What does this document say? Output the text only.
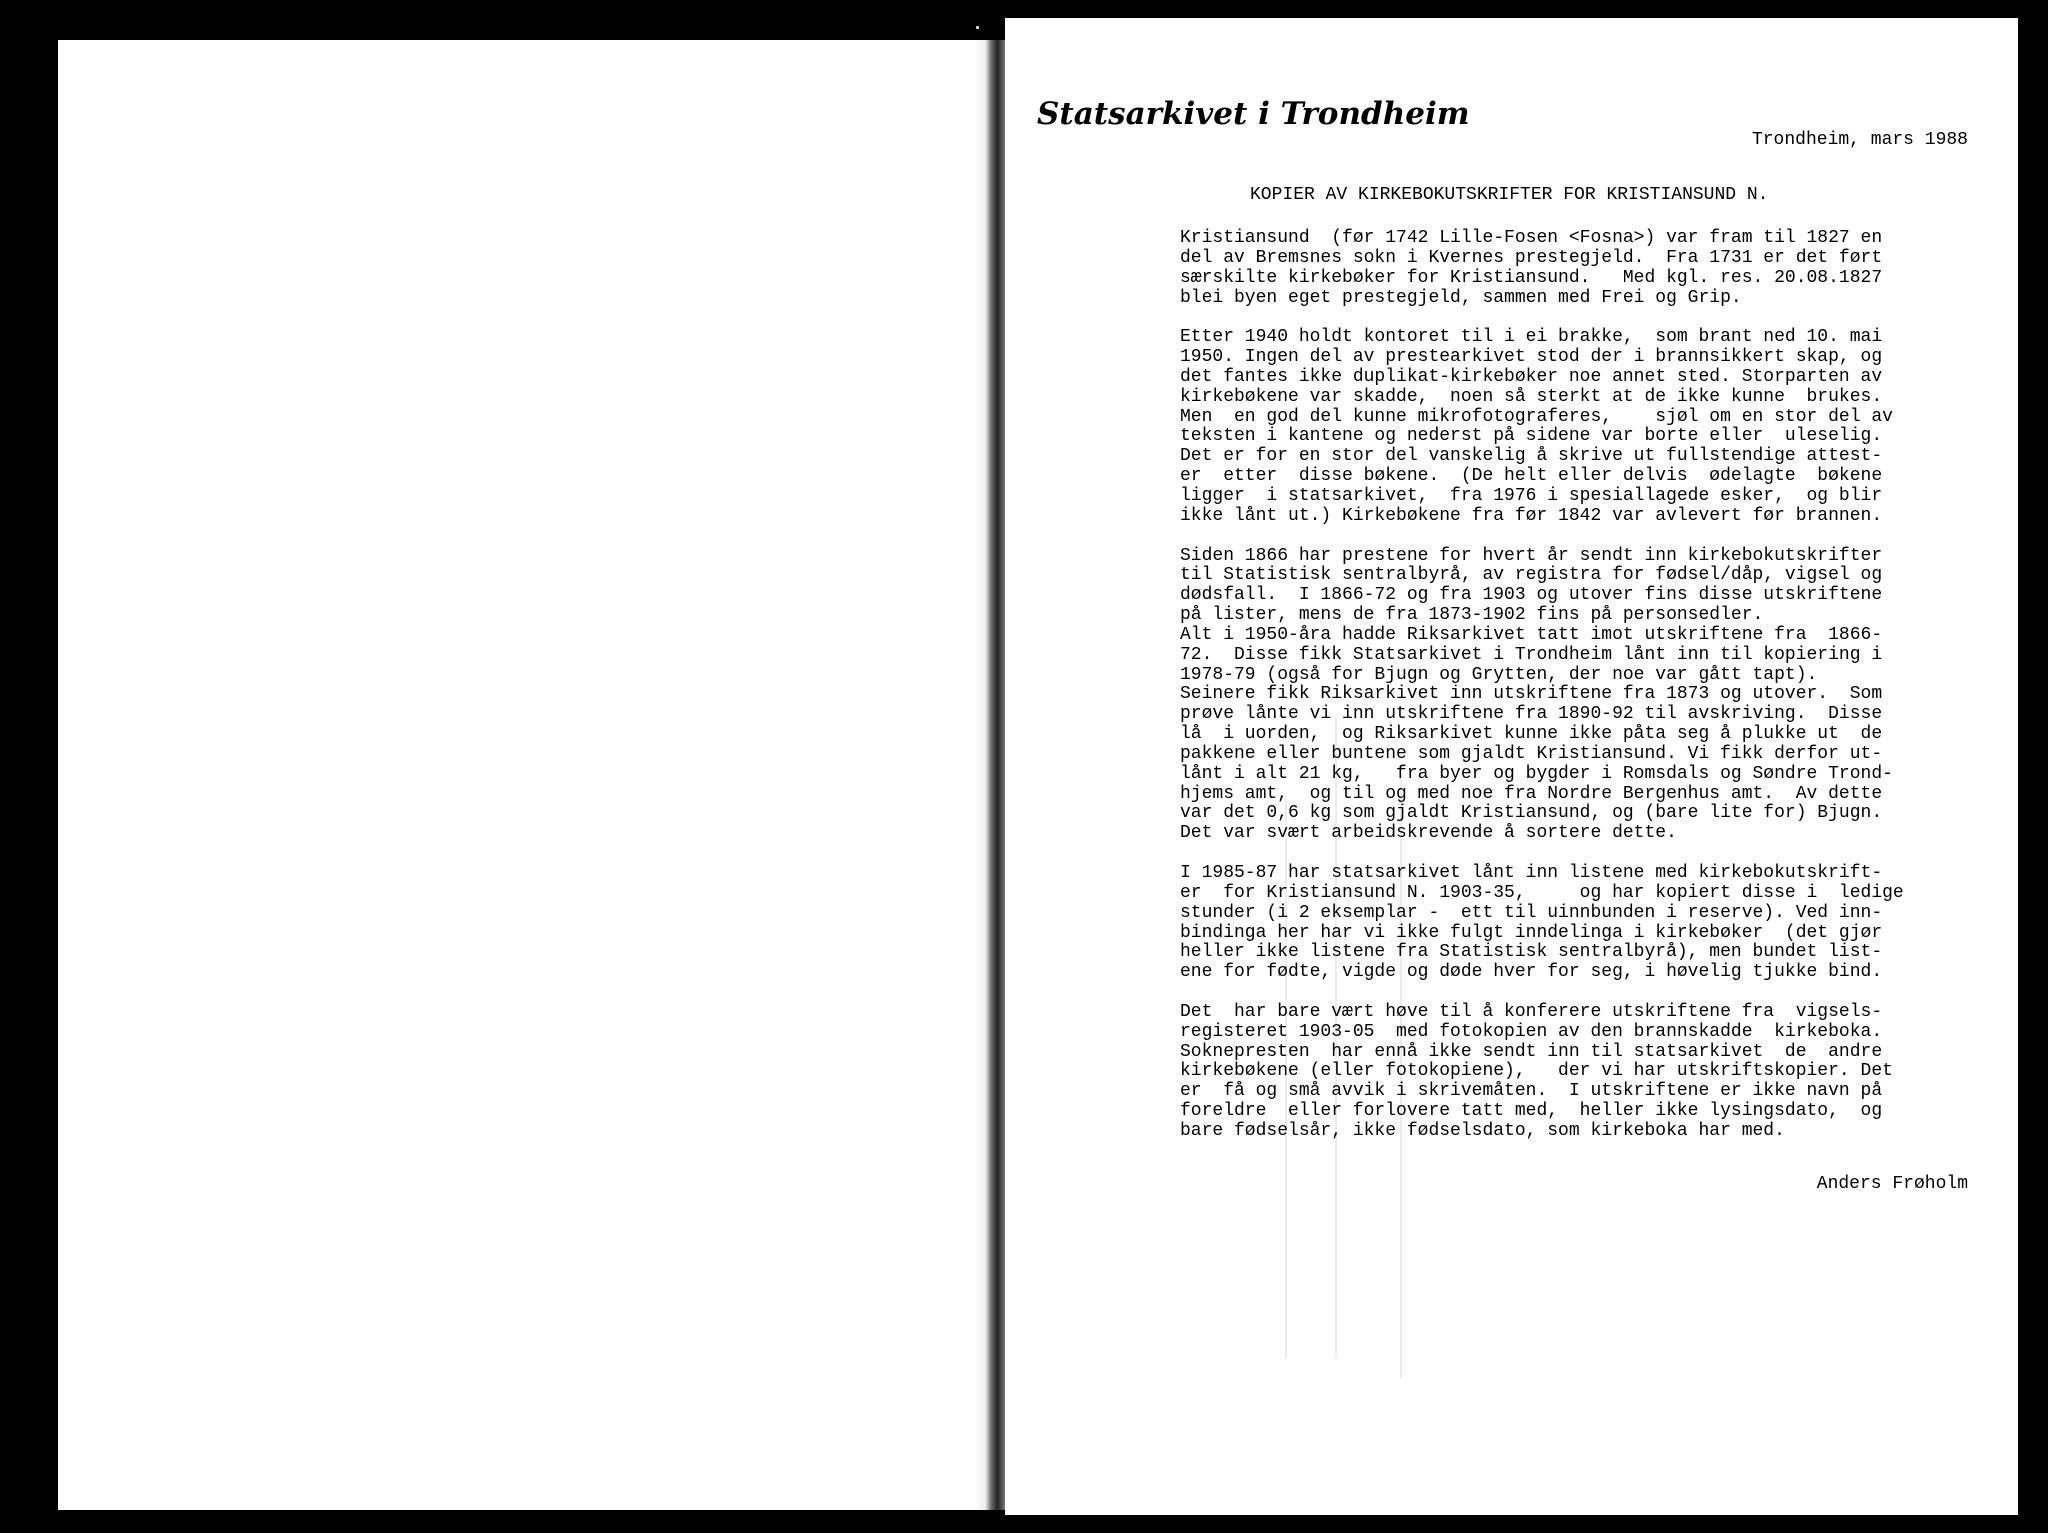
Statsarkivet i Trondheim
Trondheim, mars 1988
KOPIER AV KIRKEBOKUTSKRIFTER FOR KRISTIANSUND N.
Kristiansund  (før 1742 Lille-Fosen <Fosna>) var fram til 1827 en
del av Bremsnes sokn i Kvernes prestegjeld.  Fra 1731 er det ført
særskilte kirkebøker for Kristiansund.   Med kgl. res. 20.08.1827
blei byen eget prestegjeld, sammen med Frei og Grip.
Etter 1940 holdt kontoret til i ei brakke,  som brant ned 10. mai
1950. Ingen del av prestearkivet stod der i brannsikkert skap, og
det fantes ikke duplikat-kirkebøker noe annet sted. Storparten av
kirkebøkene var skadde,  noen så sterkt at de ikke kunne  brukes.
Men  en god del kunne mikrofotograferes,    sjøl om en stor del av
teksten i kantene og nederst på sidene var borte eller  uleselig.
Det er for en stor del vanskelig å skrive ut fullstendige attest-
er  etter  disse bøkene.  (De helt eller delvis  ødelagte  bøkene
ligger  i statsarkivet,  fra 1976 i spesiallagede esker,  og blir
ikke lånt ut.) Kirkebøkene fra før 1842 var avlevert før brannen.
Siden 1866 har prestene for hvert år sendt inn kirkebokutskrifter
til Statistisk sentralbyrå, av registra for fødsel/dåp, vigsel og
dødsfall.  I 1866-72 og fra 1903 og utover fins disse utskriftene
på lister, mens de fra 1873-1902 fins på personsedler.
Alt i 1950-åra hadde Riksarkivet tatt imot utskriftene fra  1866-
72.  Disse fikk Statsarkivet i Trondheim lånt inn til kopiering i
1978-79 (også for Bjugn og Grytten, der noe var gått tapt).
Seinere fikk Riksarkivet inn utskriftene fra 1873 og utover.  Som
prøve lånte vi inn utskriftene fra 1890-92 til avskriving.  Disse
lå  i uorden,  og Riksarkivet kunne ikke påta seg å plukke ut  de
pakkene eller buntene som gjaldt Kristiansund. Vi fikk derfor ut-
lånt i alt 21 kg,   fra byer og bygder i Romsdals og Søndre Trond-
hjems amt,  og til og med noe fra Nordre Bergenhus amt.  Av dette
var det 0,6 kg som gjaldt Kristiansund, og (bare lite for) Bjugn.
Det var svært arbeidskrevende å sortere dette.
I 1985-87 har statsarkivet lånt inn listene med kirkebokutskrift-
er  for Kristiansund N. 1903-35,     og har kopiert disse i  ledige
stunder (i 2 eksemplar -  ett til uinnbunden i reserve). Ved inn-
bindinga her har vi ikke fulgt inndelinga i kirkebøker  (det gjør
heller ikke listene fra Statistisk sentralbyrå), men bundet list-
ene for fødte, vigde og døde hver for seg, i høvelig tjukke bind.
Det  har bare vært høve til å konferere utskriftene fra  vigsels-
registeret 1903-05  med fotokopien av den brannskadde  kirkeboka.
Soknepresten  har ennå ikke sendt inn til statsarkivet  de  andre
kirkebøkene (eller fotokopiene),   der vi har utskriftskopier. Det
er  få og små avvik i skrivemåten.  I utskriftene er ikke navn på
foreldre  eller forlovere tatt med,  heller ikke lysingsdato,  og
bare fødselsår, ikke fødselsdato, som kirkeboka har med.
Anders Frøholm
